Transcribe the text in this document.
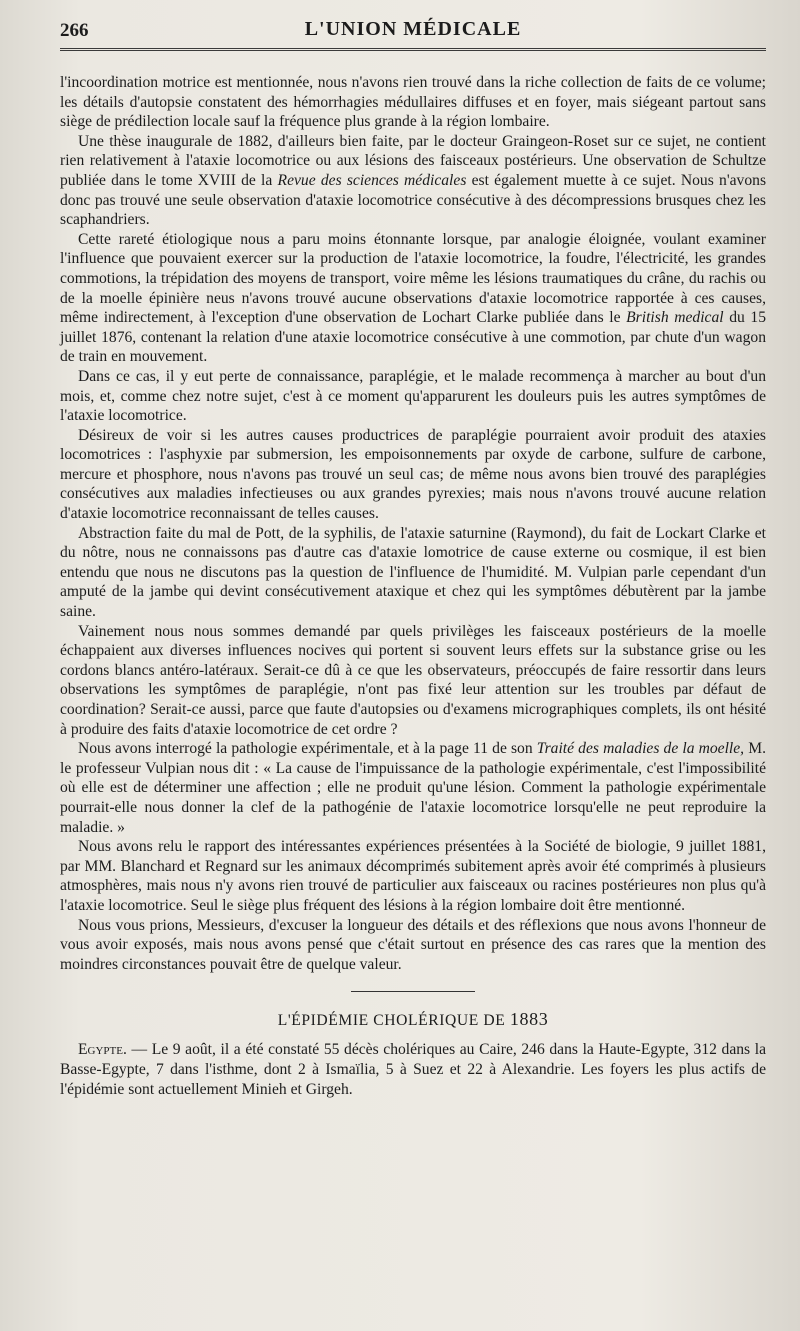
266	L'UNION MÉDICALE

l'incoordination motrice est mentionnée, nous n'avons rien trouvé dans la riche collection de faits de ce volume; les détails d'autopsie constatent des hémorrhagies médullaires diffuses et en foyer, mais siégeant partout sans siège de prédilection locale sauf la fréquence plus grande à la région lombaire.

Une thèse inaugurale de 1882, d'ailleurs bien faite, par le docteur Graingeon-Roset sur ce sujet, ne contient rien relativement à l'ataxie locomotrice ou aux lésions des faisceaux postérieurs. Une observation de Schultze publiée dans le tome XVIII de la Revue des sciences médicales est également muette à ce sujet. Nous n'avons donc pas trouvé une seule observation d'ataxie locomotrice consécutive à des décompressions brusques chez les scaphandriers.

Cette rareté étiologique nous a paru moins étonnante lorsque, par analogie éloignée, voulant examiner l'influence que pouvaient exercer sur la production de l'ataxie locomotrice, la foudre, l'électricité, les grandes commotions, la trépidation des moyens de transport, voire même les lésions traumatiques du crâne, du rachis ou de la moelle épinière neus n'avons trouvé aucune observations d'ataxie locomotrice rapportée à ces causes, même indirectement, à l'exception d'une observation de Lochart Clarke publiée dans le British medical du 15 juillet 1876, contenant la relation d'une ataxie locomotrice consécutive à une commotion, par chute d'un wagon de train en mouvement.

Dans ce cas, il y eut perte de connaissance, paraplégie, et le malade recommença à marcher au bout d'un mois, et, comme chez notre sujet, c'est à ce moment qu'apparurent les douleurs puis les autres symptômes de l'ataxie locomotrice.

Désireux de voir si les autres causes productrices de paraplégie pourraient avoir produit des ataxies locomotrices : l'asphyxie par submersion, les empoisonnements par oxyde de carbone, sulfure de carbone, mercure et phosphore, nous n'avons pas trouvé un seul cas; de même nous avons bien trouvé des paraplégies consécutives aux maladies infectieuses ou aux grandes pyrexies; mais nous n'avons trouvé aucune relation d'ataxie locomotrice reconnaissant de telles causes.

Abstraction faite du mal de Pott, de la syphilis, de l'ataxie saturnine (Raymond), du fait de Lockart Clarke et du nôtre, nous ne connaissons pas d'autre cas d'ataxie lomotrice de cause externe ou cosmique, il est bien entendu que nous ne discutons pas la question de l'influence de l'humidité. M. Vulpian parle cependant d'un amputé de la jambe qui devint consécutivement ataxique et chez qui les symptômes débutèrent par la jambe saine.

Vainement nous nous sommes demandé par quels privilèges les faisceaux postérieurs de la moelle échappaient aux diverses influences nocives qui portent si souvent leurs effets sur la substance grise ou les cordons blancs antéro-latéraux. Serait-ce dû à ce que les observateurs, préoccupés de faire ressortir dans leurs observations les symptômes de paraplégie, n'ont pas fixé leur attention sur les troubles par défaut de coordination? Serait-ce aussi, parce que faute d'autopsies ou d'examens micrographiques complets, ils ont hésité à produire des faits d'ataxie locomotrice de cet ordre ?

Nous avons interrogé la pathologie expérimentale, et à la page 11 de son Traité des maladies de la moelle, M. le professeur Vulpian nous dit : « La cause de l'impuissance de la pathologie expérimentale, c'est l'impossibilité où elle est de déterminer une affection ; elle ne produit qu'une lésion. Comment la pathologie expérimentale pourrait-elle nous donner la clef de la pathogénie de l'ataxie locomotrice lorsqu'elle ne peut reproduire la maladie. »

Nous avons relu le rapport des intéressantes expériences présentées à la Société de biologie, 9 juillet 1881, par MM. Blanchard et Regnard sur les animaux décomprimés subitement après avoir été comprimés à plusieurs atmosphères, mais nous n'y avons rien trouvé de particulier aux faisceaux ou racines postérieures non plus qu'à l'ataxie locomotrice. Seul le siège plus fréquent des lésions à la région lombaire doit être mentionné.

Nous vous prions, Messieurs, d'excuser la longueur des détails et des réflexions que nous avons l'honneur de vous avoir exposés, mais nous avons pensé que c'était surtout en présence des cas rares que la mention des moindres circonstances pouvait être de quelque valeur.

L'ÉPIDÉMIE CHOLÉRIQUE DE 1883

Egypte. — Le 9 août, il a été constaté 55 décès cholériques au Caire, 246 dans la Haute-Egypte, 312 dans la Basse-Egypte, 7 dans l'isthme, dont 2 à Ismaïlia, 5 à Suez et 22 à Alexandrie. Les foyers les plus actifs de l'épidémie sont actuellement Minieh et Girgeh.
